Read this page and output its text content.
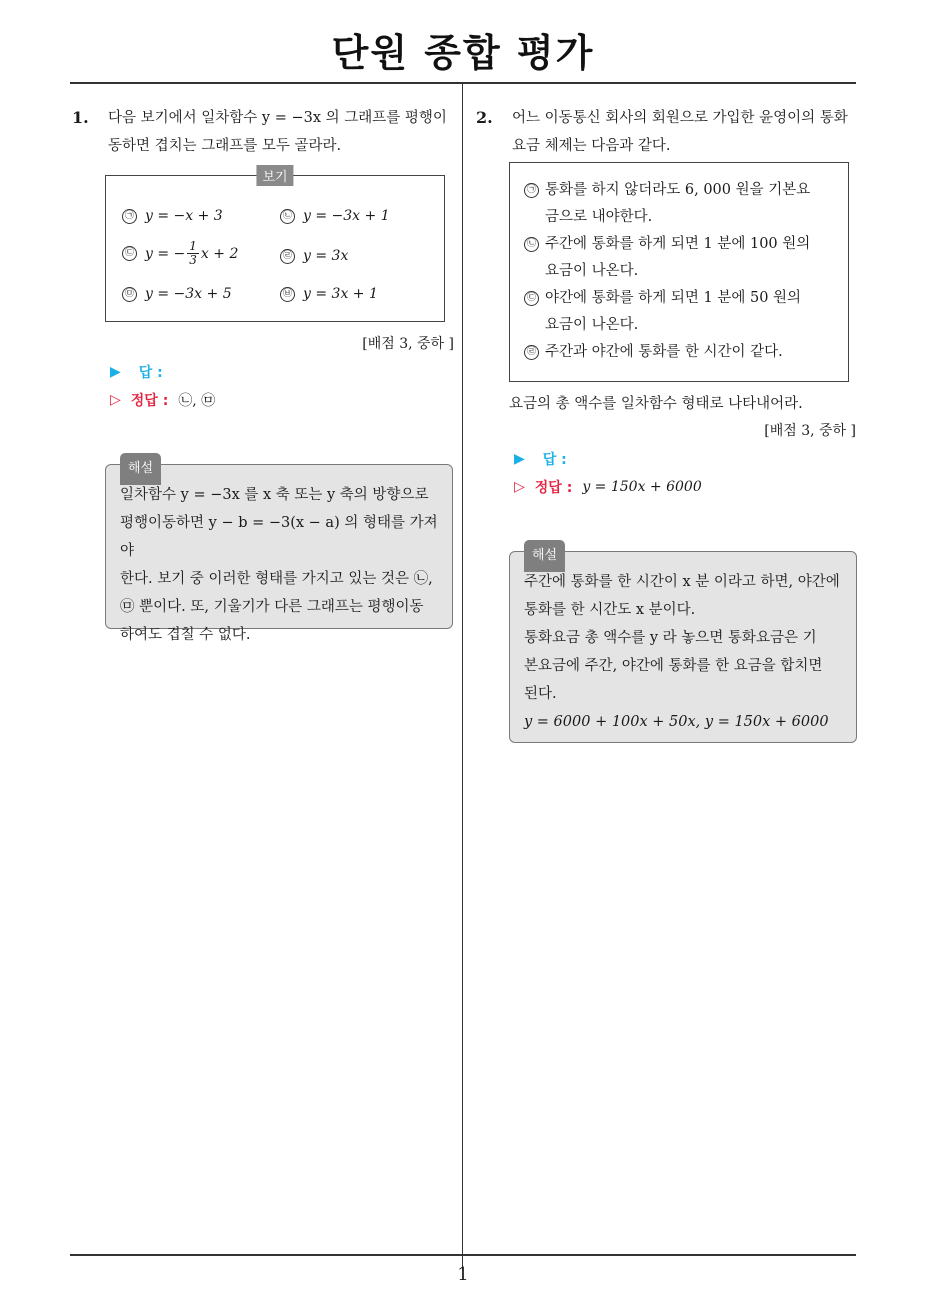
단원 종합 평가
1. 다음 보기에서 일차함수 y = −3x 의 그래프를 평행이
동하면 겹치는 그래프를 모두 골라라.
보기
㉠ y = −x + 3	㉡ y = −3x + 1
㉢ y = − $\frac{1}{3}$ x + 2	㉣ y = 3x
㉤ y = −3x + 5	㉥ y = 3x + 1
[배점 3, 중하 ]
▶ 답 :
▷ 정답 : ㉡, ㉤
해설
일차함수 y = −3x 를 x 축 또는 y 축의 방향으로
평행이동하면 y − b = −3(x − a) 의 형태를 가져야
한다. 보기 중 이러한 형태를 가지고 있는 것은 ㉡,
㉤ 뿐이다. 또, 기울기가 다른 그래프는 평행이동
하여도 겹칠 수 없다.
2. 어느 이동통신 회사의 회원으로 가입한 윤영이의 통화
요금 체제는 다음과 같다.
㉠ 통화를 하지 않더라도 6, 000 원을 기본요
금으로 내야한다.
㉡ 주간에 통화를 하게 되면 1 분에 100 원의
요금이 나온다.
㉢ 야간에 통화를 하게 되면 1 분에 50 원의
요금이 나온다.
㉣ 주간과 야간에 통화를 한 시간이 같다.
요금의 총 액수를 일차함수 형태로 나타내어라.
[배점 3, 중하 ]
▶ 답 :
▷ 정답 : y = 150x + 6000
해설
주간에 통화를 한 시간이 x 분 이라고 하면, 야간에
통화를 한 시간도 x 분이다.
통화요금 총 액수를 y 라 놓으면 통화요금은 기
본요금에 주간, 야간에 통화를 한 요금을 합치면
된다.
y = 6000 + 100x + 50x, y = 150x + 6000
1
